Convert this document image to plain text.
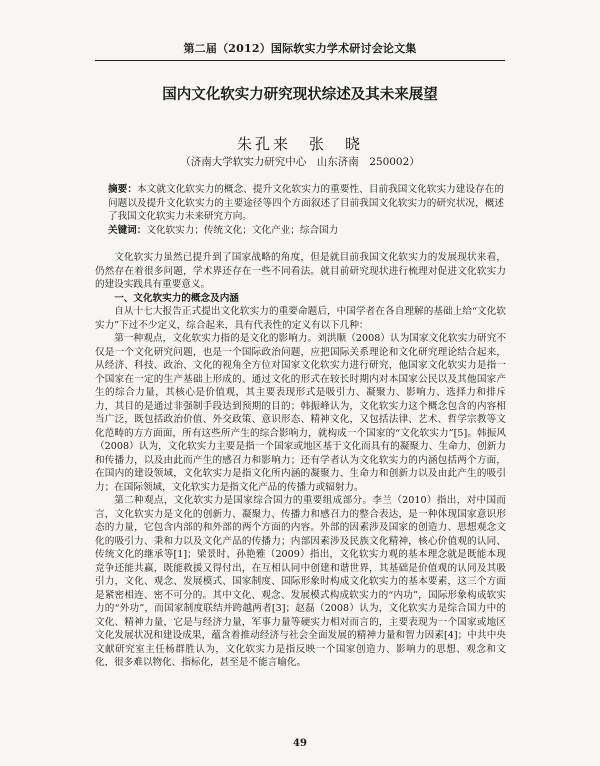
第二届（2012）国际软实力学术研讨会论文集
国内文化软实力研究现状综述及其未来展望
朱孔来　张　晓
（济南大学软实力研究中心　山东济南　250002）
摘要：本文就文化软实力的概念、提升文化软实力的重要性、目前我国文化软实力建设存在的问题以及提升文化软实力的主要途径等四个方面叙述了目前我国文化软实力的研究状况，概述了我国文化软实力未来研究方向。
关键词：文化软实力；传统文化；文化产业；综合国力

文化软实力虽然已提升到了国家战略的角度，但是就目前我国文化软实力的发展现状来看，仍然存在着很多问题，学术界还存在一些不同看法。就目前研究现状进行梳理对促进文化软实力的建设实践具有重要意义。

一、文化软实力的概念及内涵

自从十七大报告正式提出文化软实力的重要命题后，中国学者在各自理解的基础上给“文化软实力”下过不少定义，综合起来，具有代表性的定义有以下几种：

第一种观点，文化软实力指的是文化的影响力。刘洪顺（2008）认为国家文化软实力研究不仅是一个文化研究问题，也是一个国际政治问题，应把国际关系理论和文化研究理论结合起来，从经济、科技、政治、文化的视角全方位对国家文化软实力进行研究，他国家文化软实力是指一个国家在一定的生产基础上形成的、通过文化的形式在较长时期内对本国家公民以及其他国家产生的综合力量，其核心是价值观，其主要表现形式是吸引力、凝聚力、影响力、选择力和排斥力，其目的是通过非强制手段达到预期的目的；韩振峰认为，文化软实力这个概念包含的内容相当广泛，既包括政治价值、外交政策、意识形态、精神文化，又包括法律、艺术、哲学宗教等文化范畴的方方面面，所有这些所产生的综合影响力，就构成一个国家的“文化软实力”[5]。韩振风（2008）认为，文化软实力主要是指一个国家或地区基于文化而具有的凝聚力、生命力、创新力和传播力，以及由此而产生的感召力和影响力；还有学者认为文化软实力的内涵包括两个方面，在国内的建设领域，文化软实力是指文化所内涵的凝聚力、生命力和创新力以及由此产生的吸引力；在国际领域，文化软实力是指文化产品的传播力或辐射力。

第二种观点，文化软实力是国家综合国力的重要组成部分。李兰（2010）指出，对中国而言，文化软实力是文化的创新力、凝聚力、传播力和感召力的整合表达，是一种体现国家意识形态的力量，它包含内部的和外部的两个方面的内容。外部的因素涉及国家的创造力、思想观念文化的吸引力、秉和力以及文化产品的传播力；内部因素涉及民族文化精神，核心价值观的认同、传统文化的继承等[1]；梁景时、孙艳雅（2009）指出，文化软实力观的基本理念就是既能本现竞争还能共赢，既能救援又得付出，在互相认同中创建和谐世界，其基础是价值观的认同及其吸引力，文化、观念、发展模式、国家制度、国际形象时构成文化软实力的基本要素，这三个方面是紧密相连、密不可分的。其中文化、观念、发展模式构成软实力的“内功”，国际形象构成软实力的“外功”，而国家制度联结并跨越两者[3]；赵磊（2008）认为，文化软实力是综合国力中的文化、精神力量，它是与经济力量，军事力量等硬实力相对而言的，主要表现为一个国家或地区文化发展状况和建设成果，蕴含着推动经济与社会全面发展的精神力量和智力因素[4]；中共中央文献研究室主任杨群胜认为，文化软实力是指反映一个国家创造力、影响力的思想、观念和文化，很多难以物化、指标化，甚至是不能言喻化。

49
